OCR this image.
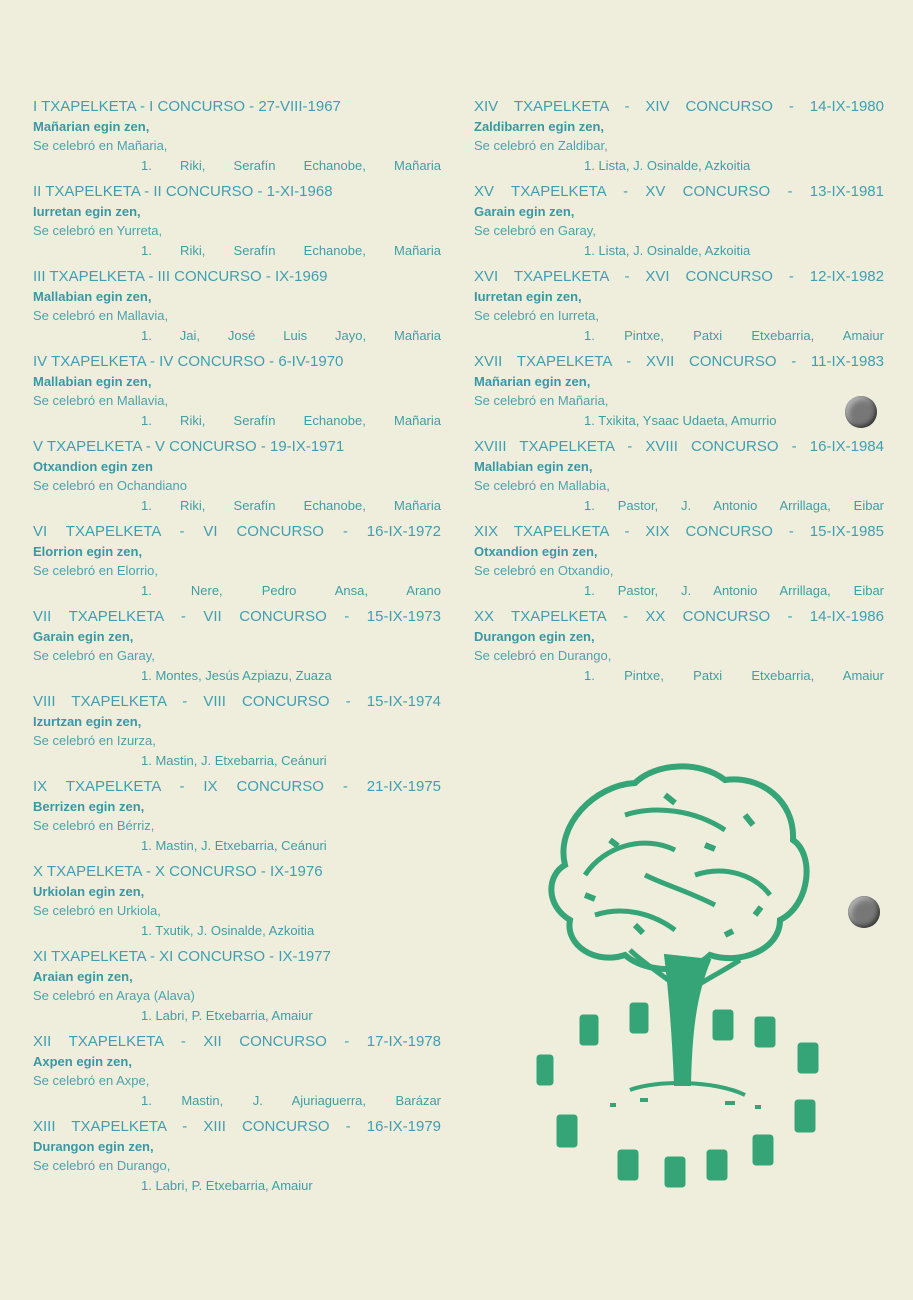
I TXAPELKETA - I CONCURSO - 27-VIII-1967
Mañarian egin zen,
Se celebró en Mañaria,
1. Riki, Serafín Echanobe, Mañaria
II TXAPELKETA - II CONCURSO - 1-XI-1968
Iurretan egin zen,
Se celebró en Yurreta,
1. Riki, Serafín Echanobe, Mañaria
III TXAPELKETA - III CONCURSO - IX-1969
Mallabian egin zen,
Se celebró en Mallavia,
1. Jai, José Luis Jayo, Mañaria
IV TXAPELKETA - IV CONCURSO - 6-IV-1970
Mallabian egin zen,
Se celebró en Mallavia,
1. Riki, Serafín Echanobe, Mañaria
V TXAPELKETA - V CONCURSO - 19-IX-1971
Otxandion egin zen
Se celebró en Ochandiano
1. Riki, Serafín Echanobe, Mañaria
VI TXAPELKETA - VI CONCURSO - 16-IX-1972
Elorrion egin zen,
Se celebró en Elorrio,
1. Nere, Pedro Ansa, Arano
VII TXAPELKETA - VII CONCURSO - 15-IX-1973
Garain egin zen,
Se celebró en Garay,
1. Montes, Jesús Azpiazu, Zuaza
VIII TXAPELKETA - VIII CONCURSO - 15-IX-1974
Izurtzan egin zen,
Se celebró en Izurza,
1. Mastin, J. Etxebarria, Ceánuri
IX TXAPELKETA - IX CONCURSO - 21-IX-1975
Berrizen egin zen,
Se celebró en Bérriz,
1. Mastin, J. Etxebarria, Ceánuri
X TXAPELKETA - X CONCURSO - IX-1976
Urkiolan egin zen,
Se celebró en Urkiola,
1. Txutik, J. Osinalde, Azkoitia
XI TXAPELKETA - XI CONCURSO - IX-1977
Araian egin zen,
Se celebró en Araya (Alava)
1. Labri, P. Etxebarria, Amaiur
XII TXAPELKETA - XII CONCURSO - 17-IX-1978
Axpen egin zen,
Se celebró en Axpe,
1. Mastin, J. Ajuriaguerra, Barázar
XIII TXAPELKETA - XIII CONCURSO - 16-IX-1979
Durangon egin zen,
Se celebró en Durango,
1. Labri, P. Etxebarria, Amaiur
XIV TXAPELKETA - XIV CONCURSO - 14-IX-1980
Zaldibarren egin zen,
Se celebró en Zaldibar,
1. Lista, J. Osinalde, Azkoitia
XV TXAPELKETA - XV CONCURSO - 13-IX-1981
Garain egin zen,
Se celebró en Garay,
1. Lista, J. Osinalde, Azkoitia
XVI TXAPELKETA - XVI CONCURSO - 12-IX-1982
Iurretan egin zen,
Se celebró en Iurreta,
1. Pintxe, Patxi Etxebarria, Amaiur
XVII TXAPELKETA - XVII CONCURSO - 11-IX-1983
Mañarian egin zen,
Se celebró en Mañaria,
1. Txikita, Ysaac Udaeta, Amurrio
XVIII TXAPELKETA - XVIII CONCURSO - 16-IX-1984
Mallabian egin zen,
Se celebró en Mallabia,
1. Pastor, J. Antonio Arrillaga, Eibar
XIX TXAPELKETA - XIX CONCURSO - 15-IX-1985
Otxandion egin zen,
Se celebró en Otxandio,
1. Pastor, J. Antonio Arrillaga, Eibar
XX TXAPELKETA - XX CONCURSO - 14-IX-1986
Durangon egin zen,
Se celebró en Durango,
1. Pintxe, Patxi Etxebarria, Amaiur
